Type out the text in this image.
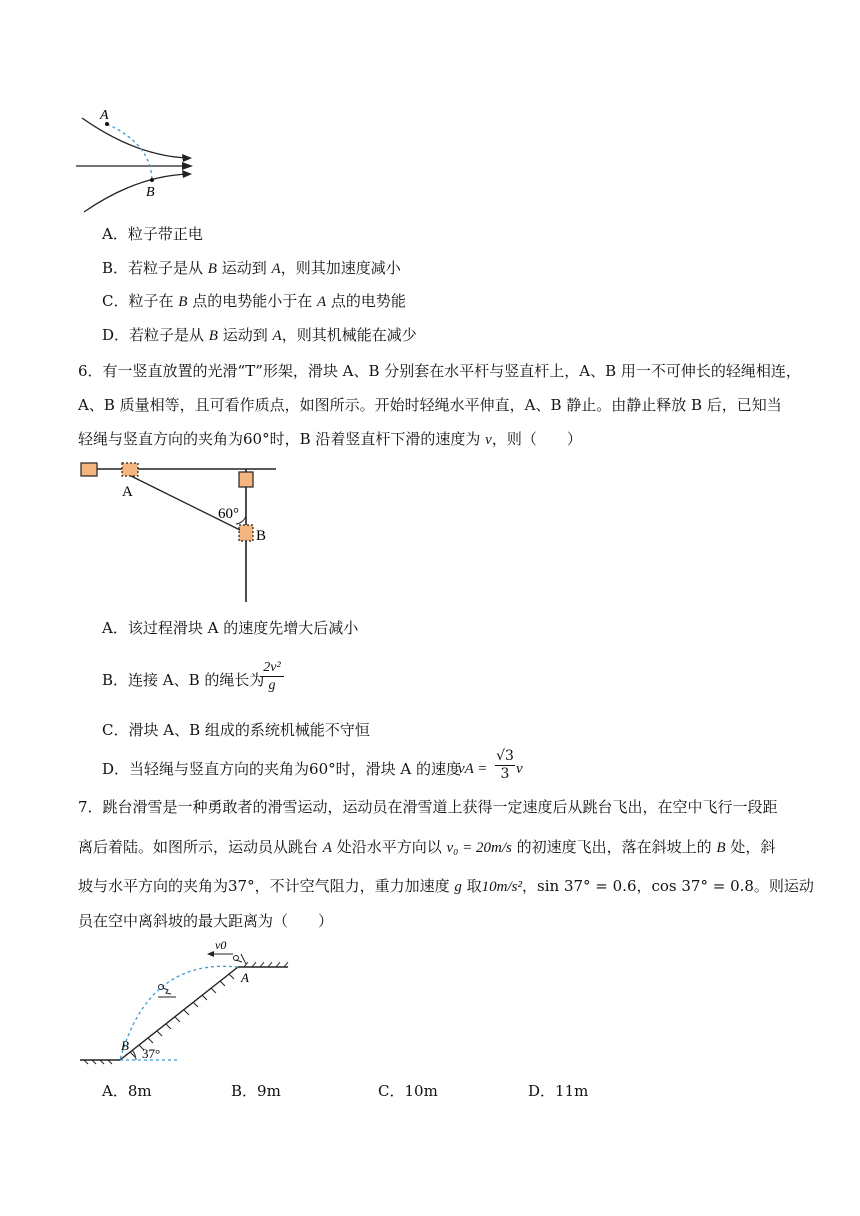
A
B
A．粒子带正电
B．若粒子是从 B 运动到 A，则其加速度减小
C．粒子在 B 点的电势能小于在 A 点的电势能
D．若粒子是从 B 运动到 A，则其机械能在减少
6．有一竖直放置的光滑“T”形架，滑块 A、B 分别套在水平杆与竖直杆上，A、B 用一不可伸长的轻绳相连，
A、B 质量相等，且可看作质点，如图所示。开始时轻绳水平伸直，A、B 静止。由静止释放 B 后，已知当
轻绳与竖直方向的夹角为60°时，B 沿着竖直杆下滑的速度为 v，则（　　）
A
B
60°
A．该过程滑块 A 的速度先增大后减小
B．连接 A、B 的绳长为
$\frac{\text{2v²}}{g}$
C．滑块 A、B 组成的系统机械能不守恒
D．当轻绳与竖直方向的夹角为60°时，滑块 A 的速度
vA = $\frac{√3}{3}$ v
7．跳台滑雪是一种勇敢者的滑雪运动，运动员在滑雪道上获得一定速度后从跳台飞出，在空中飞行一段距
离后着陆。如图所示，运动员从跳台 A 处沿水平方向以 v₀ = 20m/s 的初速度飞出，落在斜坡上的 B 处，斜
坡与水平方向的夹角为37°，不计空气阻力，重力加速度 g 取10m/s²，sin 37° = 0.6，cos 37° = 0.8。则运动
员在空中离斜坡的最大距离为（　　）
v0
A
B
37°
A．8m	B．9m	C．10m	D．11m
